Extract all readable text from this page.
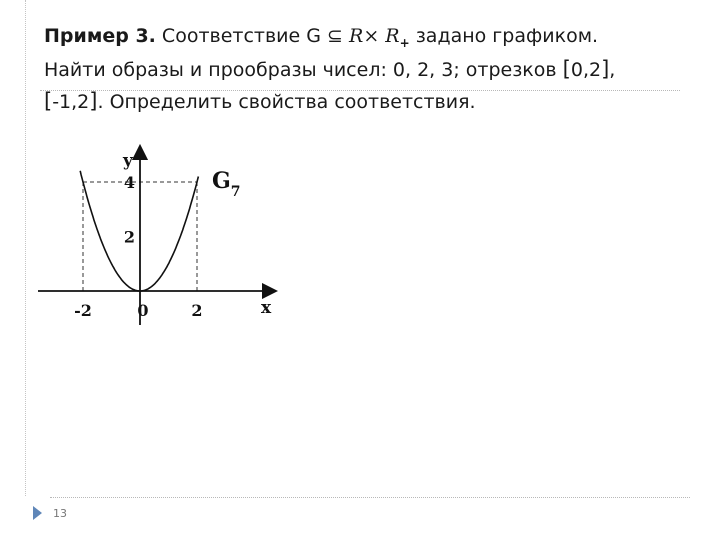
Пример 3. Соответствие G ⊆ $R\times R_+$ задано графиком.
Найти образы и прообразы чисел: 0, 2, 3; отрезков [0,2],
[-1,2]. Определить свойства соответствия.
-2	0	2
2
4
y
x
$G_7$
13
